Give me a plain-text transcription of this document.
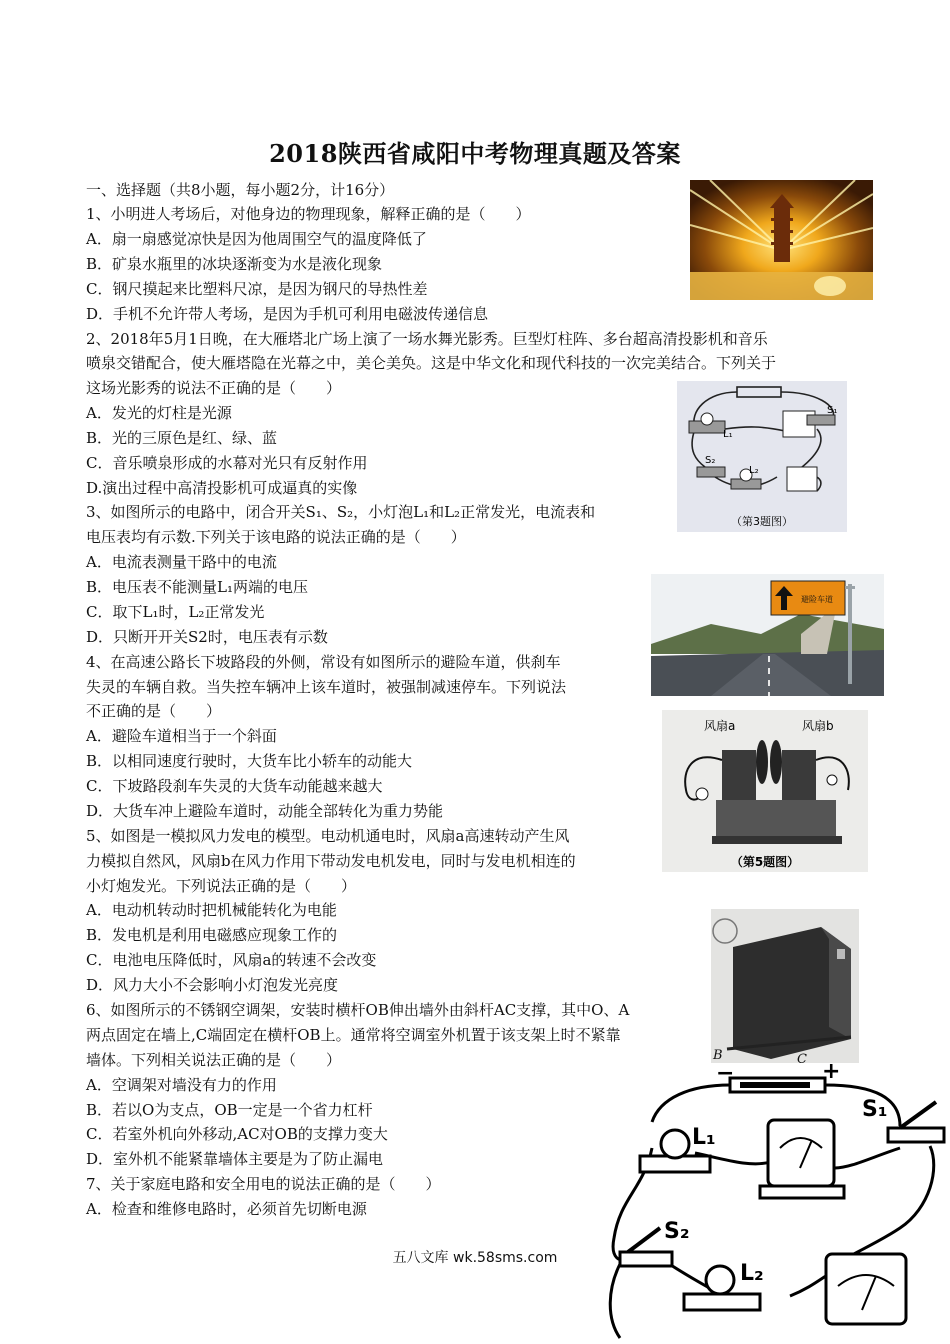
2018陕西省咸阳中考物理真题及答案
一、选择题（共8小题，每小题2分，计16分）
1、小明进人考场后，对他身边的物理现象，解释正确的是（　　）
A．扇一扇感觉凉快是因为他周围空气的温度降低了
B．矿泉水瓶里的冰块逐渐变为水是液化现象
C．钢尺摸起来比塑料尺凉，是因为钢尺的导热性差
D．手机不允许带人考场，是因为手机可利用电磁波传递信息
2、2018年5月1日晚，在大雁塔北广场上演了一场水舞光影秀。巨型灯柱阵、多台超高清投影机和音乐
喷泉交错配合，使大雁塔隐在光幕之中，美仑美奂。这是中华文化和现代科技的一次完美结合。下列关于
这场光影秀的说法不正确的是（　　）
A．发光的灯柱是光源
B．光的三原色是红、绿、蓝
C．音乐喷泉形成的水幕对光只有反射作用
D.演出过程中高清投影机可成逼真的实像
3、如图所示的电路中，闭合开关S₁、S₂，小灯泡L₁和L₂正常发光，电流表和
电压表均有示数.下列关于该电路的说法正确的是（　　）
A．电流表测量干路中的电流
B．电压表不能测量L₁两端的电压
C．取下L₁时，L₂正常发光
D．只断开开关S2时，电压表有示数
4、在高速公路长下坡路段的外侧，常设有如图所示的避险车道，供刹车
失灵的车辆自救。当失控车辆冲上该车道时，被强制减速停车。下列说法
不正确的是（　　）
A．避险车道相当于一个斜面
B．以相同速度行驶时，大货车比小轿车的动能大
C．下坡路段刹车失灵的大货车动能越来越大
D．大货车冲上避险车道时，动能全部转化为重力势能
5、如图是一模拟风力发电的模型。电动机通电时，风扇a高速转动产生风
力模拟自然风，风扇b在风力作用下带动发电机发电，同时与发电机相连的
小灯炮发光。下列说法正确的是（　　）
A．电动机转动时把机械能转化为电能
B．发电机是利用电磁感应现象工作的
C．电池电压降低时，风扇a的转速不会改变
D．风力大小不会影响小灯泡发光亮度
6、如图所示的不锈钢空调架，安装时横杆OB伸出墙外由斜杆AC支撑，其中O、A
两点固定在墙上,C端固定在横杆OB上。通常将空调室外机置于该支架上时不紧靠
墙体。下列相关说法正确的是（　　）
A．空调架对墙没有力的作用
B．若以O为支点，OB一定是一个省力杠杆
C．若室外机向外移动,AC对OB的支撑力变大
D．室外机不能紧靠墙体主要是为了防止漏电
7、关于家庭电路和安全用电的说法正确的是（　　）
A．检查和维修电路时，必须首先切断电源
L₁
S₁
S₂
L₂
（第3题图）
避险车道
风扇a	风扇b
（第5题图）
B	C
−	+
L₁
S₁
S₂
L₂
五八文库 wk.58sms.com
